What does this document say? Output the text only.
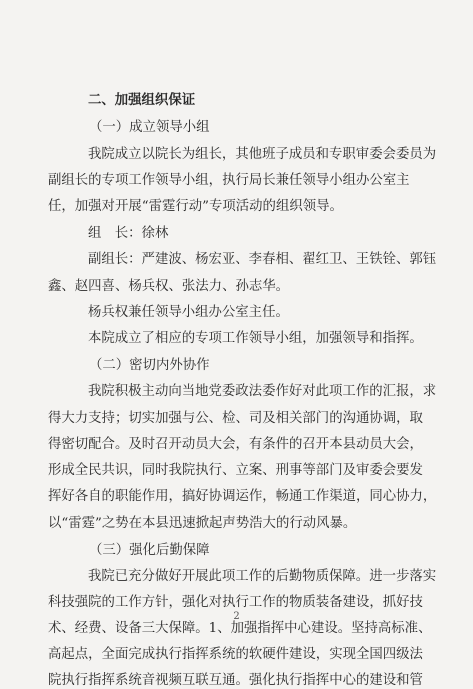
二、加强组织保证
（一）成立领导小组
我院成立以院长为组长，其他班子成员和专职审委会委员为
副组长的专项工作领导小组，执行局长兼任领导小组办公室主
任，加强对开展“雷霆行动”专项活动的组织领导。
组　长：徐林
副组长：严建波、杨宏亚、李春相、翟红卫、王铁铨、郭钰
鑫、赵四喜、杨兵权、张法力、孙志华。
杨兵权兼任领导小组办公室主任。
本院成立了相应的专项工作领导小组，加强领导和指挥。
（二）密切内外协作
我院积极主动向当地党委政法委作好对此项工作的汇报，求
得大力支持；切实加强与公、检、司及相关部门的沟通协调，取
得密切配合。及时召开动员大会，有条件的召开本县动员大会，
形成全民共识，同时我院执行、立案、刑事等部门及审委会要发
挥好各自的职能作用，搞好协调运作，畅通工作渠道，同心协力，
以“雷霆”之势在本县迅速掀起声势浩大的行动风暴。
（三）强化后勤保障
我院已充分做好开展此项工作的后勤物质保障。进一步落实
科技强院的工作方针，强化对执行工作的物质装备建设，抓好技
术、经费、设备三大保障。1、加强指挥中心建设。坚持高标准、
高起点，全面完成执行指挥系统的软硬件建设，实现全国四级法
院执行指挥系统音视频互联互通。强化执行指挥中心的建设和管
2
